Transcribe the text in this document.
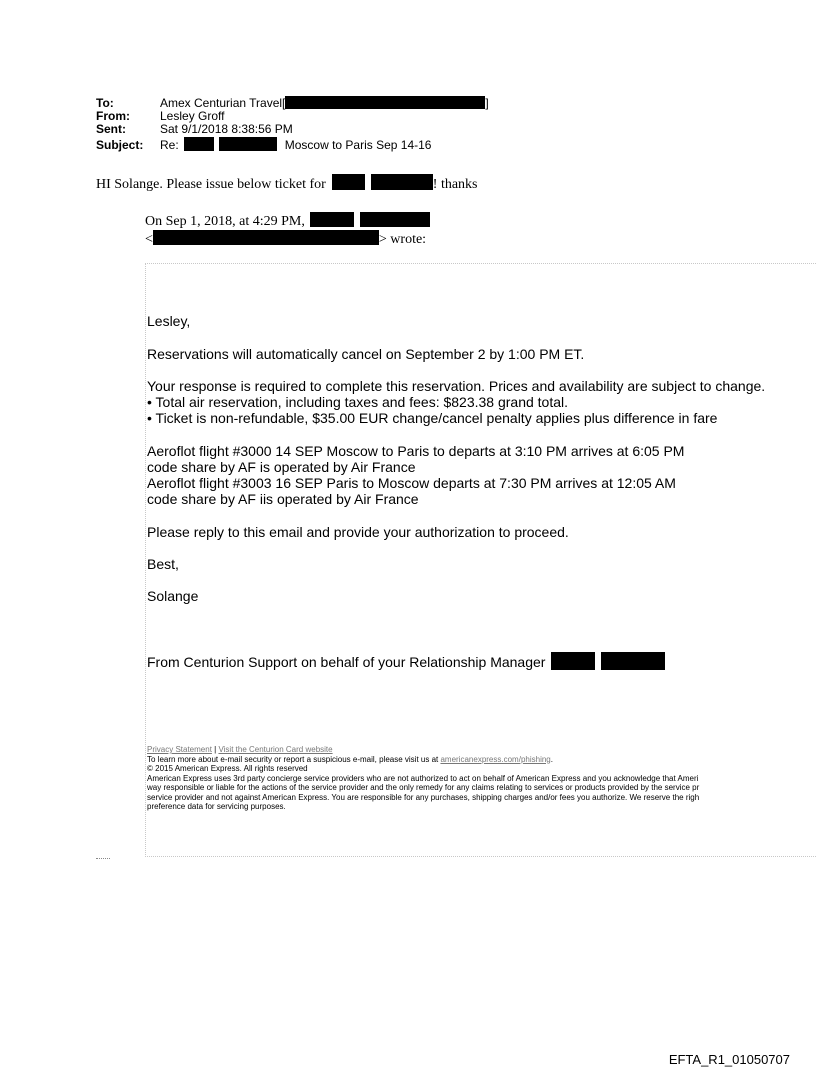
To:	Amex Centurian Travel[	]
From:	Lesley Groff
Sent:	Sat 9/1/2018 8:38:56 PM
Subject: Re:	Moscow to Paris Sep 14-16
HI Solange. Please issue below ticket for	! thanks
On Sep 1, 2018, at 4:29 PM,
<	> wrote:

Lesley,

Reservations will automatically cancel on September 2 by 1:00 PM ET.

Your response is required to complete this reservation. Prices and availability are subject to change.

• Total air reservation, including taxes and fees: $823.38 grand total.

• Ticket is non-refundable, $35.00 EUR change/cancel penalty applies plus difference in fare

Aeroflot flight #3000 14 SEP Moscow to Paris to departs at 3:10 PM arrives at 6:05 PM

code share by AF is operated by Air France

Aeroflot flight #3003 16 SEP Paris to Moscow departs at 7:30 PM arrives at 12:05 AM

code share by AF iis operated by Air France

Please reply to this email and provide your authorization to proceed.

Best,

Solange

From Centurion Support on behalf of your Relationship Manager
Privacy Statement | Visit the Centurion Card website
To learn more about e-mail security or report a suspicious e-mail, please visit us at americanexpress.com/phishing.
© 2015 American Express. All rights reserved
American Express uses 3rd party concierge service providers who are not authorized to act on behalf of American Express and you acknowledge that Ameri
way responsible or liable for the actions of the service provider and the only remedy for any claims relating to services or products provided by the service pr
service provider and not against American Express. You are responsible for any purchases, shipping charges and/or fees you authorize. We reserve the righ
preference data for servicing purposes.
EFTA_R1_01050707
